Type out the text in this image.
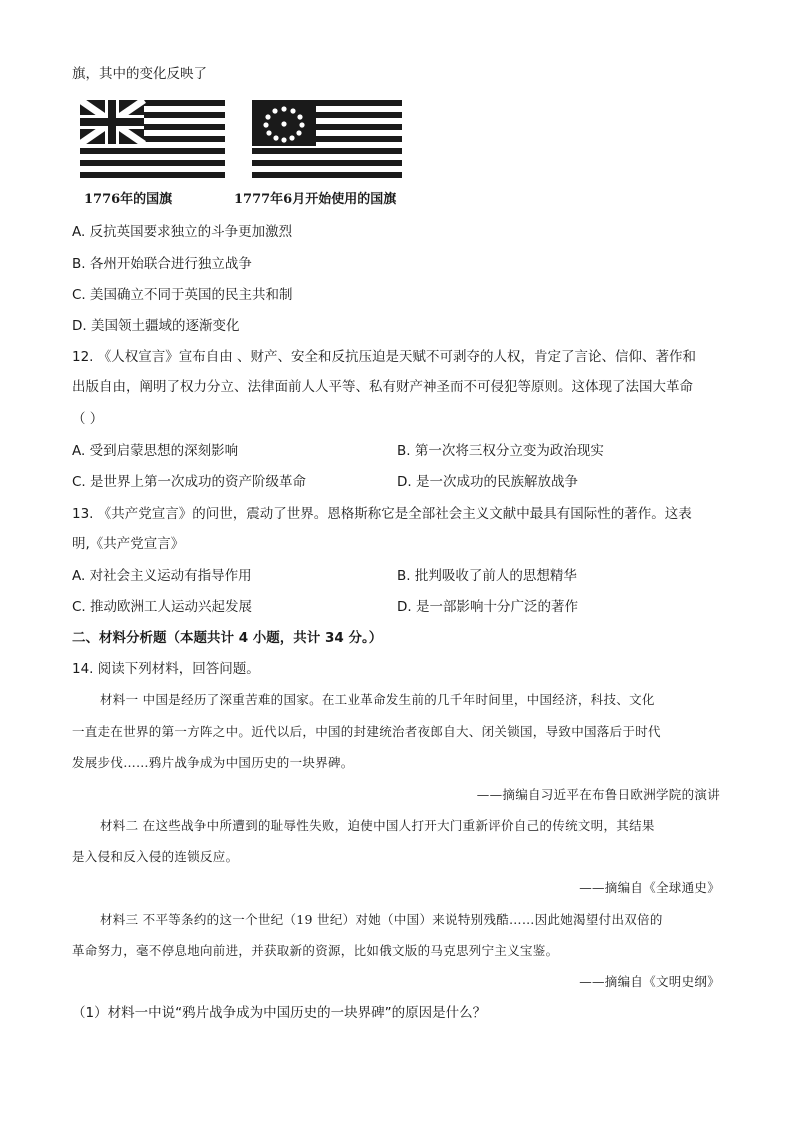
旗，其中的变化反映了
1776年的国旗	1777年6月开始使用的国旗
A. 反抗英国要求独立的斗争更加激烈
B. 各州开始联合进行独立战争
C. 美国确立不同于英国的民主共和制
D. 美国领土疆域的逐渐变化
12. 《人权宣言》宣布自由 、财产、安全和反抗压迫是天赋不可剥夺的人权，肯定了言论、信仰、著作和
出版自由，阐明了权力分立、法律面前人人平等、私有财产神圣而不可侵犯等原则。这体现了法国大革命
（ ）
A. 受到启蒙思想的深刻影响	B. 第一次将三权分立变为政治现实
C. 是世界上第一次成功的资产阶级革命	D. 是一次成功的民族解放战争
13. 《共产党宣言》的问世，震动了世界。恩格斯称它是全部社会主义文献中最具有国际性的著作。这表
明,《共产党宣言》
A. 对社会主义运动有指导作用	B. 批判吸收了前人的思想精华
C. 推动欧洲工人运动兴起发展	D. 是一部影响十分广泛的著作
二、材料分析题（本题共计 4 小题，共计 34 分。）
14. 阅读下列材料，回答问题。
材料一 中国是经历了深重苦难的国家。在工业革命发生前的几千年时间里，中国经济，科技、文化
一直走在世界的第一方阵之中。近代以后，中国的封建统治者夜郎自大、闭关锁国，导致中国落后于时代
发展步伐……鸦片战争成为中国历史的一块界碑。
——摘编自习近平在布鲁日欧洲学院的演讲
材料二 在这些战争中所遭到的耻辱性失败，迫使中国人打开大门重新评价自己的传统文明，其结果
是入侵和反入侵的连锁反应。
——摘编自《全球通史》
材料三 不平等条约的这一个世纪（19 世纪）对她（中国）来说特别残酷……因此她渴望付出双倍的
革命努力，毫不停息地向前进，并获取新的资源，比如俄文版的马克思列宁主义宝鉴。
——摘编自《文明史纲》
（1）材料一中说“鸦片战争成为中国历史的一块界碑”的原因是什么？
